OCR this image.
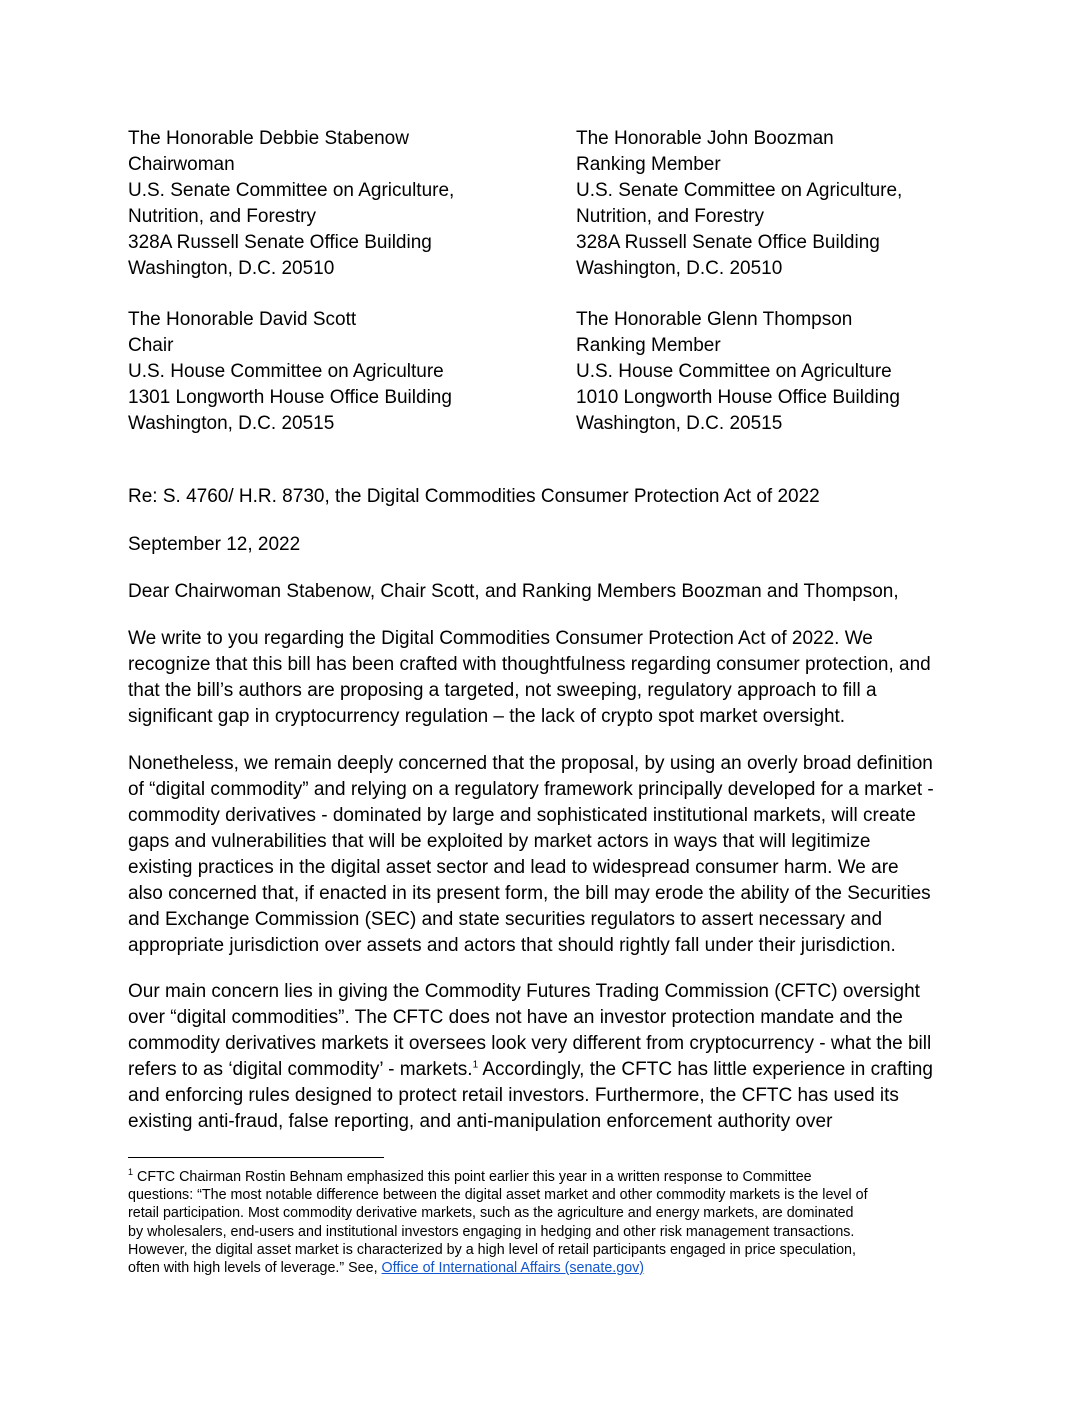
The Honorable Debbie Stabenow
Chairwoman
U.S. Senate Committee on Agriculture,
Nutrition, and Forestry
328A Russell Senate Office Building
Washington, D.C. 20510
The Honorable John Boozman
Ranking Member
U.S. Senate Committee on Agriculture,
Nutrition, and Forestry
328A Russell Senate Office Building
Washington, D.C. 20510
The Honorable David Scott
Chair
U.S. House Committee on Agriculture
1301 Longworth House Office Building
Washington, D.C. 20515
The Honorable Glenn Thompson
Ranking Member
U.S. House Committee on Agriculture
1010 Longworth House Office Building
Washington, D.C. 20515
Re: S. 4760/ H.R. 8730, the Digital Commodities Consumer Protection Act of 2022
September 12, 2022
Dear Chairwoman Stabenow, Chair Scott, and Ranking Members Boozman and Thompson,
We write to you regarding the Digital Commodities Consumer Protection Act of 2022. We
recognize that this bill has been crafted with thoughtfulness regarding consumer protection, and
that the bill’s authors are proposing a targeted, not sweeping, regulatory approach to fill a
significant gap in cryptocurrency regulation – the lack of crypto spot market oversight.
Nonetheless, we remain deeply concerned that the proposal, by using an overly broad definition
of “digital commodity” and relying on a regulatory framework principally developed for a market -
commodity derivatives - dominated by large and sophisticated institutional markets, will create
gaps and vulnerabilities that will be exploited by market actors in ways that will legitimize
existing practices in the digital asset sector and lead to widespread consumer harm. We are
also concerned that, if enacted in its present form, the bill may erode the ability of the Securities
and Exchange Commission (SEC) and state securities regulators to assert necessary and
appropriate jurisdiction over assets and actors that should rightly fall under their jurisdiction.
Our main concern lies in giving the Commodity Futures Trading Commission (CFTC) oversight
over “digital commodities”. The CFTC does not have an investor protection mandate and the
commodity derivatives markets it oversees look very different from cryptocurrency - what the bill
refers to as ‘digital commodity’ - markets.$^1$ Accordingly, the CFTC has little experience in crafting
and enforcing rules designed to protect retail investors. Furthermore, the CFTC has used its
existing anti-fraud, false reporting, and anti-manipulation enforcement authority over
$^1$ CFTC Chairman Rostin Behnam emphasized this point earlier this year in a written response to Committee
questions: “The most notable difference between the digital asset market and other commodity markets is the level of
retail participation. Most commodity derivative markets, such as the agriculture and energy markets, are dominated
by wholesalers, end-users and institutional investors engaging in hedging and other risk management transactions.
However, the digital asset market is characterized by a high level of retail participants engaged in price speculation,
often with high levels of leverage.” See, Office of International Affairs (senate.gov)
